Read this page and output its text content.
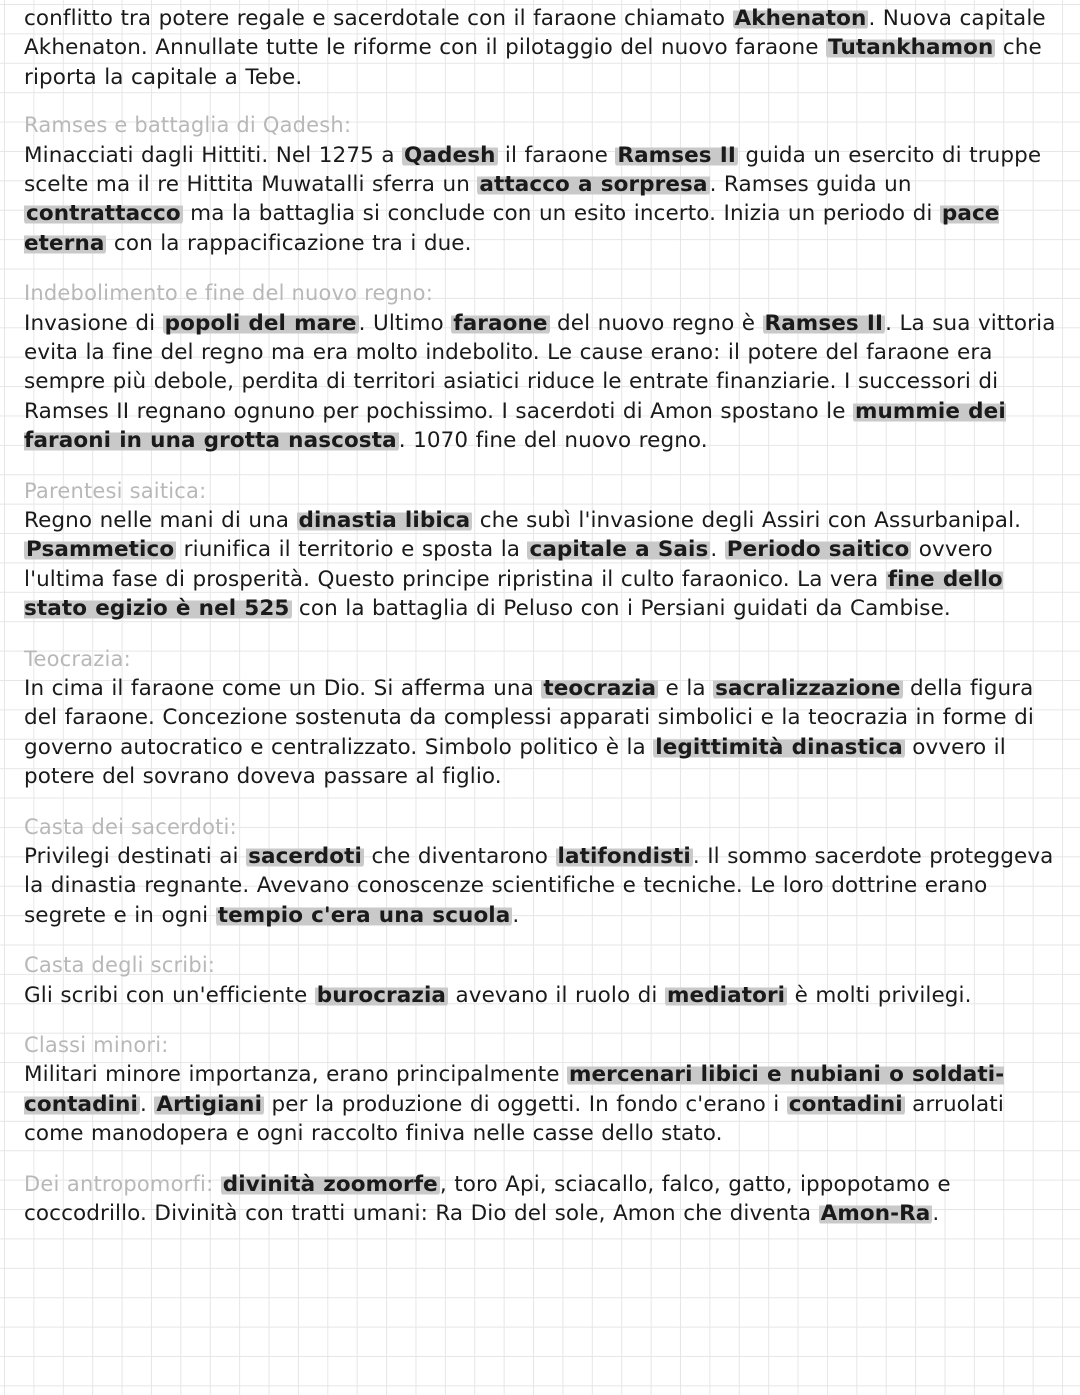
conflitto tra potere regale e sacerdotale con il faraone chiamato Akhenaton. Nuova capitale Akhenaton. Annullate tutte le riforme con il pilotaggio del nuovo faraone Tutankhamon che riporta la capitale a Tebe.
Ramses e battaglia di Qadesh:
Minacciati dagli Hittiti. Nel 1275 a Qadesh il faraone Ramses II guida un esercito di truppe scelte ma il re Hittita Muwatalli sferra un attacco a sorpresa. Ramses guida un contrattacco ma la battaglia si conclude con un esito incerto. Inizia un periodo di pace eterna con la rappacificazione tra i due.
Indebolimento e fine del nuovo regno:
Invasione di popoli del mare. Ultimo faraone del nuovo regno è Ramses II. La sua vittoria evita la fine del regno ma era molto indebolito. Le cause erano: il potere del faraone era sempre più debole, perdita di territori asiatici riduce le entrate finanziarie. I successori di Ramses II regnano ognuno per pochissimo. I sacerdoti di Amon spostano le mummie dei faraoni in una grotta nascosta. 1070 fine del nuovo regno.
Parentesi saitica:
Regno nelle mani di una dinastia libica che subì l'invasione degli Assiri con Assurbanipal. Psammetico riunifica il territorio e sposta la capitale a Sais. Periodo saitico ovvero l'ultima fase di prosperità. Questo principe ripristina il culto faraonico. La vera fine dello stato egizio è nel 525 con la battaglia di Peluso con i Persiani guidati da Cambise.
Teocrazia:
In cima il faraone come un Dio. Si afferma una teocrazia e la sacralizzazione della figura del faraone. Concezione sostenuta da complessi apparati simbolici e la teocrazia in forme di governo autocratico e centralizzato. Simbolo politico è la legittimità dinastica ovvero il potere del sovrano doveva passare al figlio.
Casta dei sacerdoti:
Privilegi destinati ai sacerdoti che diventarono latifondisti. Il sommo sacerdote proteggeva la dinastia regnante. Avevano conoscenze scientifiche e tecniche. Le loro dottrine erano segrete e in ogni tempio c'era una scuola.
Casta degli scribi:
Gli scribi con un'efficiente burocrazia avevano il ruolo di mediatori è molti privilegi.
Classi minori:
Militari minore importanza, erano principalmente mercenari libici e nubiani o soldati-contadini. Artigiani per la produzione di oggetti. In fondo c'erano i contadini arruolati come manodopera e ogni raccolto finiva nelle casse dello stato.
Dei antropomorfi: divinità zoomorfe, toro Api, sciacallo, falco, gatto, ippopotamo e coccodrillo. Divinità con tratti umani: Ra Dio del sole, Amon che diventa Amon-Ra.
